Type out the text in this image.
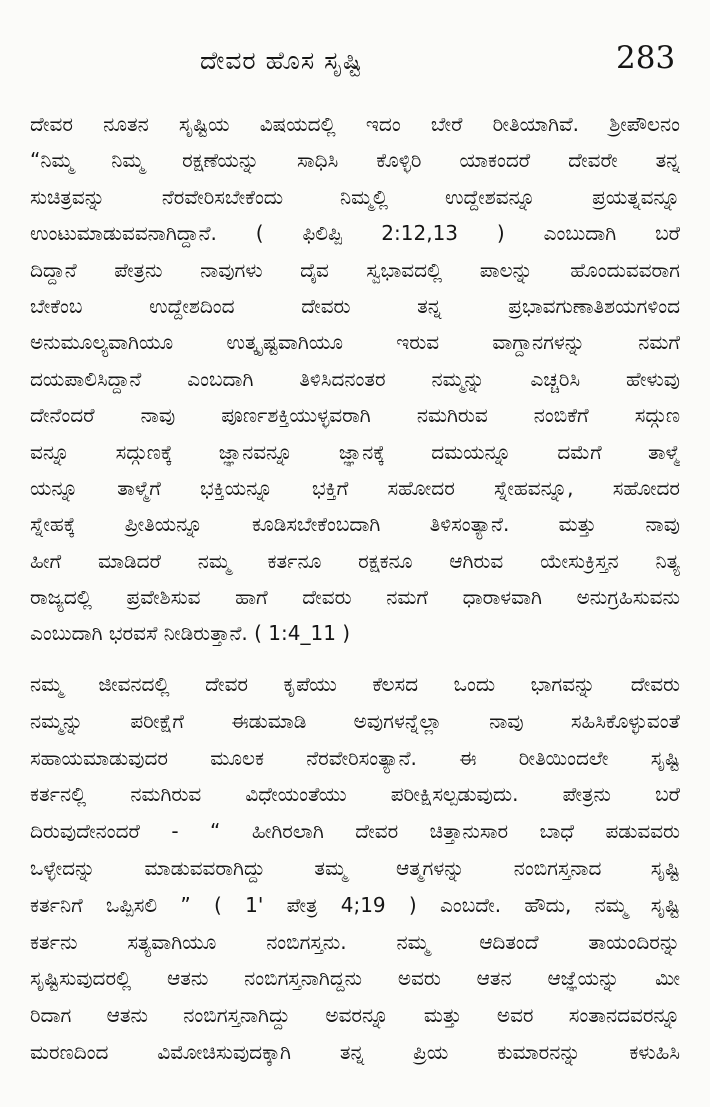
ದೇವರ ಹೊಸ ಸೃಷ್ಟಿ	283
ದೇವರ ನೂತನ ಸೃಷ್ಟಿಯ ವಿಷಯದಲ್ಲಿ ಇದಂ ಬೇರೆ ರೀತಿಯಾಗಿವೆ. ಶ್ರೀಪೌಲನಂ
“ನಿಮ್ಮ ನಿಮ್ಮ ರಕ್ಷಣೆಯನ್ನು ಸಾಧಿಸಿ ಕೊಳ್ಳಿರಿ ಯಾಕಂದರೆ ದೇವರೇ ತನ್ನ
ಸುಚಿತ್ರವನ್ನು ನೆರವೇರಿಸಬೇಕೆಂದು ನಿಮ್ಮಲ್ಲಿ ಉದ್ದೇಶವನ್ನೂ ಪ್ರಯತ್ನವನ್ನೂ
ಉಂಟುಮಾಡುವವನಾಗಿದ್ದಾನೆ. ( ಫಿಲಿಪ್ಪಿ 2:12,13 ) ಎಂಬುದಾಗಿ ಬರೆ
ದಿದ್ದಾನೆ ಪೇತ್ರನು ನಾವುಗಳು ದೈವ ಸ್ವಭಾವದಲ್ಲಿ ಪಾಲನ್ನು ಹೊಂದುವವರಾಗ
ಬೇಕೆಂಬ ಉದ್ದೇಶದಿಂದ ದೇವರು ತನ್ನ ಪ್ರಭಾವಗುಣಾತಿಶಯಗಳಿಂದ
ಅನುಮೂಲ್ಯವಾಗಿಯೂ ಉತ್ಕೃಷ್ಟವಾಗಿಯೂ ಇರುವ ವಾಗ್ದಾನಗಳನ್ನು ನಮಗೆ
ದಯಪಾಲಿಸಿದ್ದಾನೆ ಎಂಬದಾಗಿ ತಿಳಿಸಿದನಂತರ ನಮ್ಮನ್ನು ಎಚ್ಚರಿಸಿ ಹೇಳುವು
ದೇನೆಂದರೆ ನಾವು ಪೂರ್ಣಶಕ್ತಿಯುಳ್ಳವರಾಗಿ ನಮಗಿರುವ ನಂಬಿಕೆಗೆ ಸದ್ಗುಣ
ವನ್ನೂ ಸದ್ಗುಣಕ್ಕೆ ಜ್ಞಾನವನ್ನೂ ಜ್ಞಾನಕ್ಕೆ ದಮಯನ್ನೂ ದಮೆಗೆ ತಾಳ್ಮೆ
ಯನ್ನೂ ತಾಳ್ಮೆಗೆ ಭಕ್ತಿಯನ್ನೂ ಭಕ್ತಿಗೆ ಸಹೋದರ ಸ್ನೇಹವನ್ನೂ, ಸಹೋದರ
ಸ್ನೇಹಕ್ಕೆ ಪ್ರೀತಿಯನ್ನೂ ಕೂಡಿಸಬೇಕೆಂಬದಾಗಿ ತಿಳಿಸಂತ್ಯಾನೆ. ಮತ್ತು ನಾವು
ಹೀಗೆ ಮಾಡಿದರೆ ನಮ್ಮ ಕರ್ತನೂ ರಕ್ಷಕನೂ ಆಗಿರುವ ಯೇಸುಕ್ರಿಸ್ತನ ನಿತ್ಯ
ರಾಜ್ಯದಲ್ಲಿ ಪ್ರವೇಶಿಸುವ ಹಾಗೆ ದೇವರು ನಮಗೆ ಧಾರಾಳವಾಗಿ ಅನುಗ್ರಹಿಸುವನು
ಎಂಬುದಾಗಿ ಭರವಸೆ ನೀಡಿರುತ್ತಾನೆ. ( 1:4_11 )
ನಮ್ಮ ಜೀವನದಲ್ಲಿ ದೇವರ ಕೃಪೆಯು ಕೆಲಸದ ಒಂದು ಭಾಗವನ್ನು ದೇವರು
ನಮ್ಮನ್ನು ಪರೀಕ್ಷೆಗೆ ಈಡುಮಾಡಿ ಅವುಗಳನ್ನೆಲ್ಲಾ ನಾವು ಸಹಿಸಿಕೊಳ್ಳುವಂತೆ
ಸಹಾಯಮಾಡುವುದರ ಮೂಲಕ ನೆರವೇರಿಸಂತ್ಯಾನೆ. ಈ ರೀತಿಯಿಂದಲೇ ಸೃಷ್ಟಿ
ಕರ್ತನಲ್ಲಿ ನಮಗಿರುವ ವಿಧೇಯಂತೆಯು ಪರೀಕ್ಷಿಸಲ್ಪಡುವುದು. ಪೇತ್ರನು ಬರೆ
ದಿರುವುದೇನಂದರೆ - “ ಹೀಗಿರಲಾಗಿ ದೇವರ ಚಿತ್ತಾನುಸಾರ ಬಾಧೆ ಪಡುವವರು
ಒಳ್ಳೇದನ್ನು ಮಾಡುವವರಾಗಿದ್ದು ತಮ್ಮ ಆತ್ಮಗಳನ್ನು ನಂಬಿಗಸ್ತನಾದ ಸೃಷ್ಟಿ
ಕರ್ತನಿಗೆ ಒಪ್ಪಿಸಲಿ ” ( 1' ಪೇತ್ರ 4;19 ) ಎಂಬದೇ. ಹೌದು, ನಮ್ಮ ಸೃಷ್ಟಿ
ಕರ್ತನು ಸತ್ಯವಾಗಿಯೂ ನಂಬಿಗಸ್ತನು. ನಮ್ಮ ಆದಿತಂದೆ ತಾಯಂದಿರನ್ನು
ಸೃಷ್ಟಿಸುವುದರಲ್ಲಿ ಆತನು ನಂಬಿಗಸ್ತನಾಗಿದ್ದನು ಅವರು ಆತನ ಆಜ್ಞೆಯನ್ನು ಮೀ
ರಿದಾಗ ಆತನು ನಂಬಿಗಸ್ತನಾಗಿದ್ದು ಅವರನ್ನೂ ಮತ್ತು ಅವರ ಸಂತಾನದವರನ್ನೂ
ಮರಣದಿಂದ ವಿಮೋಚಿಸುವುದಕ್ಕಾಗಿ ತನ್ನ ಪ್ರಿಯ ಕುಮಾರನನ್ನು ಕಳುಹಿಸಿ
